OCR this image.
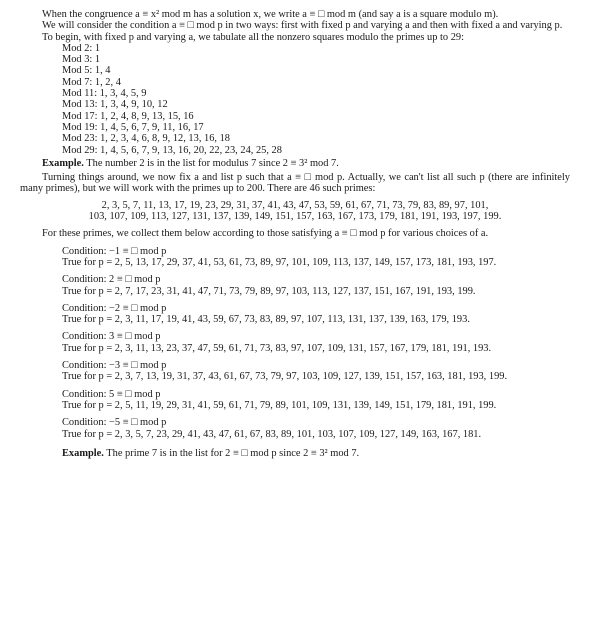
When the congruence a ≡ x² mod m has a solution x, we write a ≡ □ mod m (and say a is a square modulo m).

We will consider the condition a ≡ □ mod p in two ways: first with fixed p and varying a and then with fixed a and varying p.

To begin, with fixed p and varying a, we tabulate all the nonzero squares modulo the primes up to 29:

Mod 2: 1
Mod 3: 1
Mod 5: 1, 4
Mod 7: 1, 2, 4
Mod 11: 1, 3, 4, 5, 9
Mod 13: 1, 3, 4, 9, 10, 12
Mod 17: 1, 2, 4, 8, 9, 13, 15, 16
Mod 19: 1, 4, 5, 6, 7, 9, 11, 16, 17
Mod 23: 1, 2, 3, 4, 6, 8, 9, 12, 13, 16, 18
Mod 29: 1, 4, 5, 6, 7, 9, 13, 16, 20, 22, 23, 24, 25, 28

Example. The number 2 is in the list for modulus 7 since 2 ≡ 3² mod 7.

Turning things around, we now fix a and list p such that a ≡ □ mod p. Actually, we can't list all such p (there are infinitely many primes), but we will work with the primes up to 200. There are 46 such primes:

2, 3, 5, 7, 11, 13, 17, 19, 23, 29, 31, 37, 41, 43, 47, 53, 59, 61, 67, 71, 73, 79, 83, 89, 97, 101,
103, 107, 109, 113, 127, 131, 137, 139, 149, 151, 157, 163, 167, 173, 179, 181, 191, 193, 197, 199.

For these primes, we collect them below according to those satisfying a ≡ □ mod p for various choices of a.

Condition: −1 ≡ □ mod p
True for p = 2, 5, 13, 17, 29, 37, 41, 53, 61, 73, 89, 97, 101, 109, 113, 137, 149, 157, 173, 181, 193, 197.
Condition: 2 ≡ □ mod p
True for p = 2, 7, 17, 23, 31, 41, 47, 71, 73, 79, 89, 97, 103, 113, 127, 137, 151, 167, 191, 193, 199.
Condition: −2 ≡ □ mod p
True for p = 2, 3, 11, 17, 19, 41, 43, 59, 67, 73, 83, 89, 97, 107, 113, 131, 137, 139, 163, 179, 193.
Condition: 3 ≡ □ mod p
True for p = 2, 3, 11, 13, 23, 37, 47, 59, 61, 71, 73, 83, 97, 107, 109, 131, 157, 167, 179, 181, 191, 193.
Condition: −3 ≡ □ mod p
True for p = 2, 3, 7, 13, 19, 31, 37, 43, 61, 67, 73, 79, 97, 103, 109, 127, 139, 151, 157, 163, 181, 193, 199.
Condition: 5 ≡ □ mod p
True for p = 2, 5, 11, 19, 29, 31, 41, 59, 61, 71, 79, 89, 101, 109, 131, 139, 149, 151, 179, 181, 191, 199.
Condition: −5 ≡ □ mod p
True for p = 2, 3, 5, 7, 23, 29, 41, 43, 47, 61, 67, 83, 89, 101, 103, 107, 109, 127, 149, 163, 167, 181.
Example. The prime 7 is in the list for 2 ≡ □ mod p since 2 ≡ 3² mod 7.
